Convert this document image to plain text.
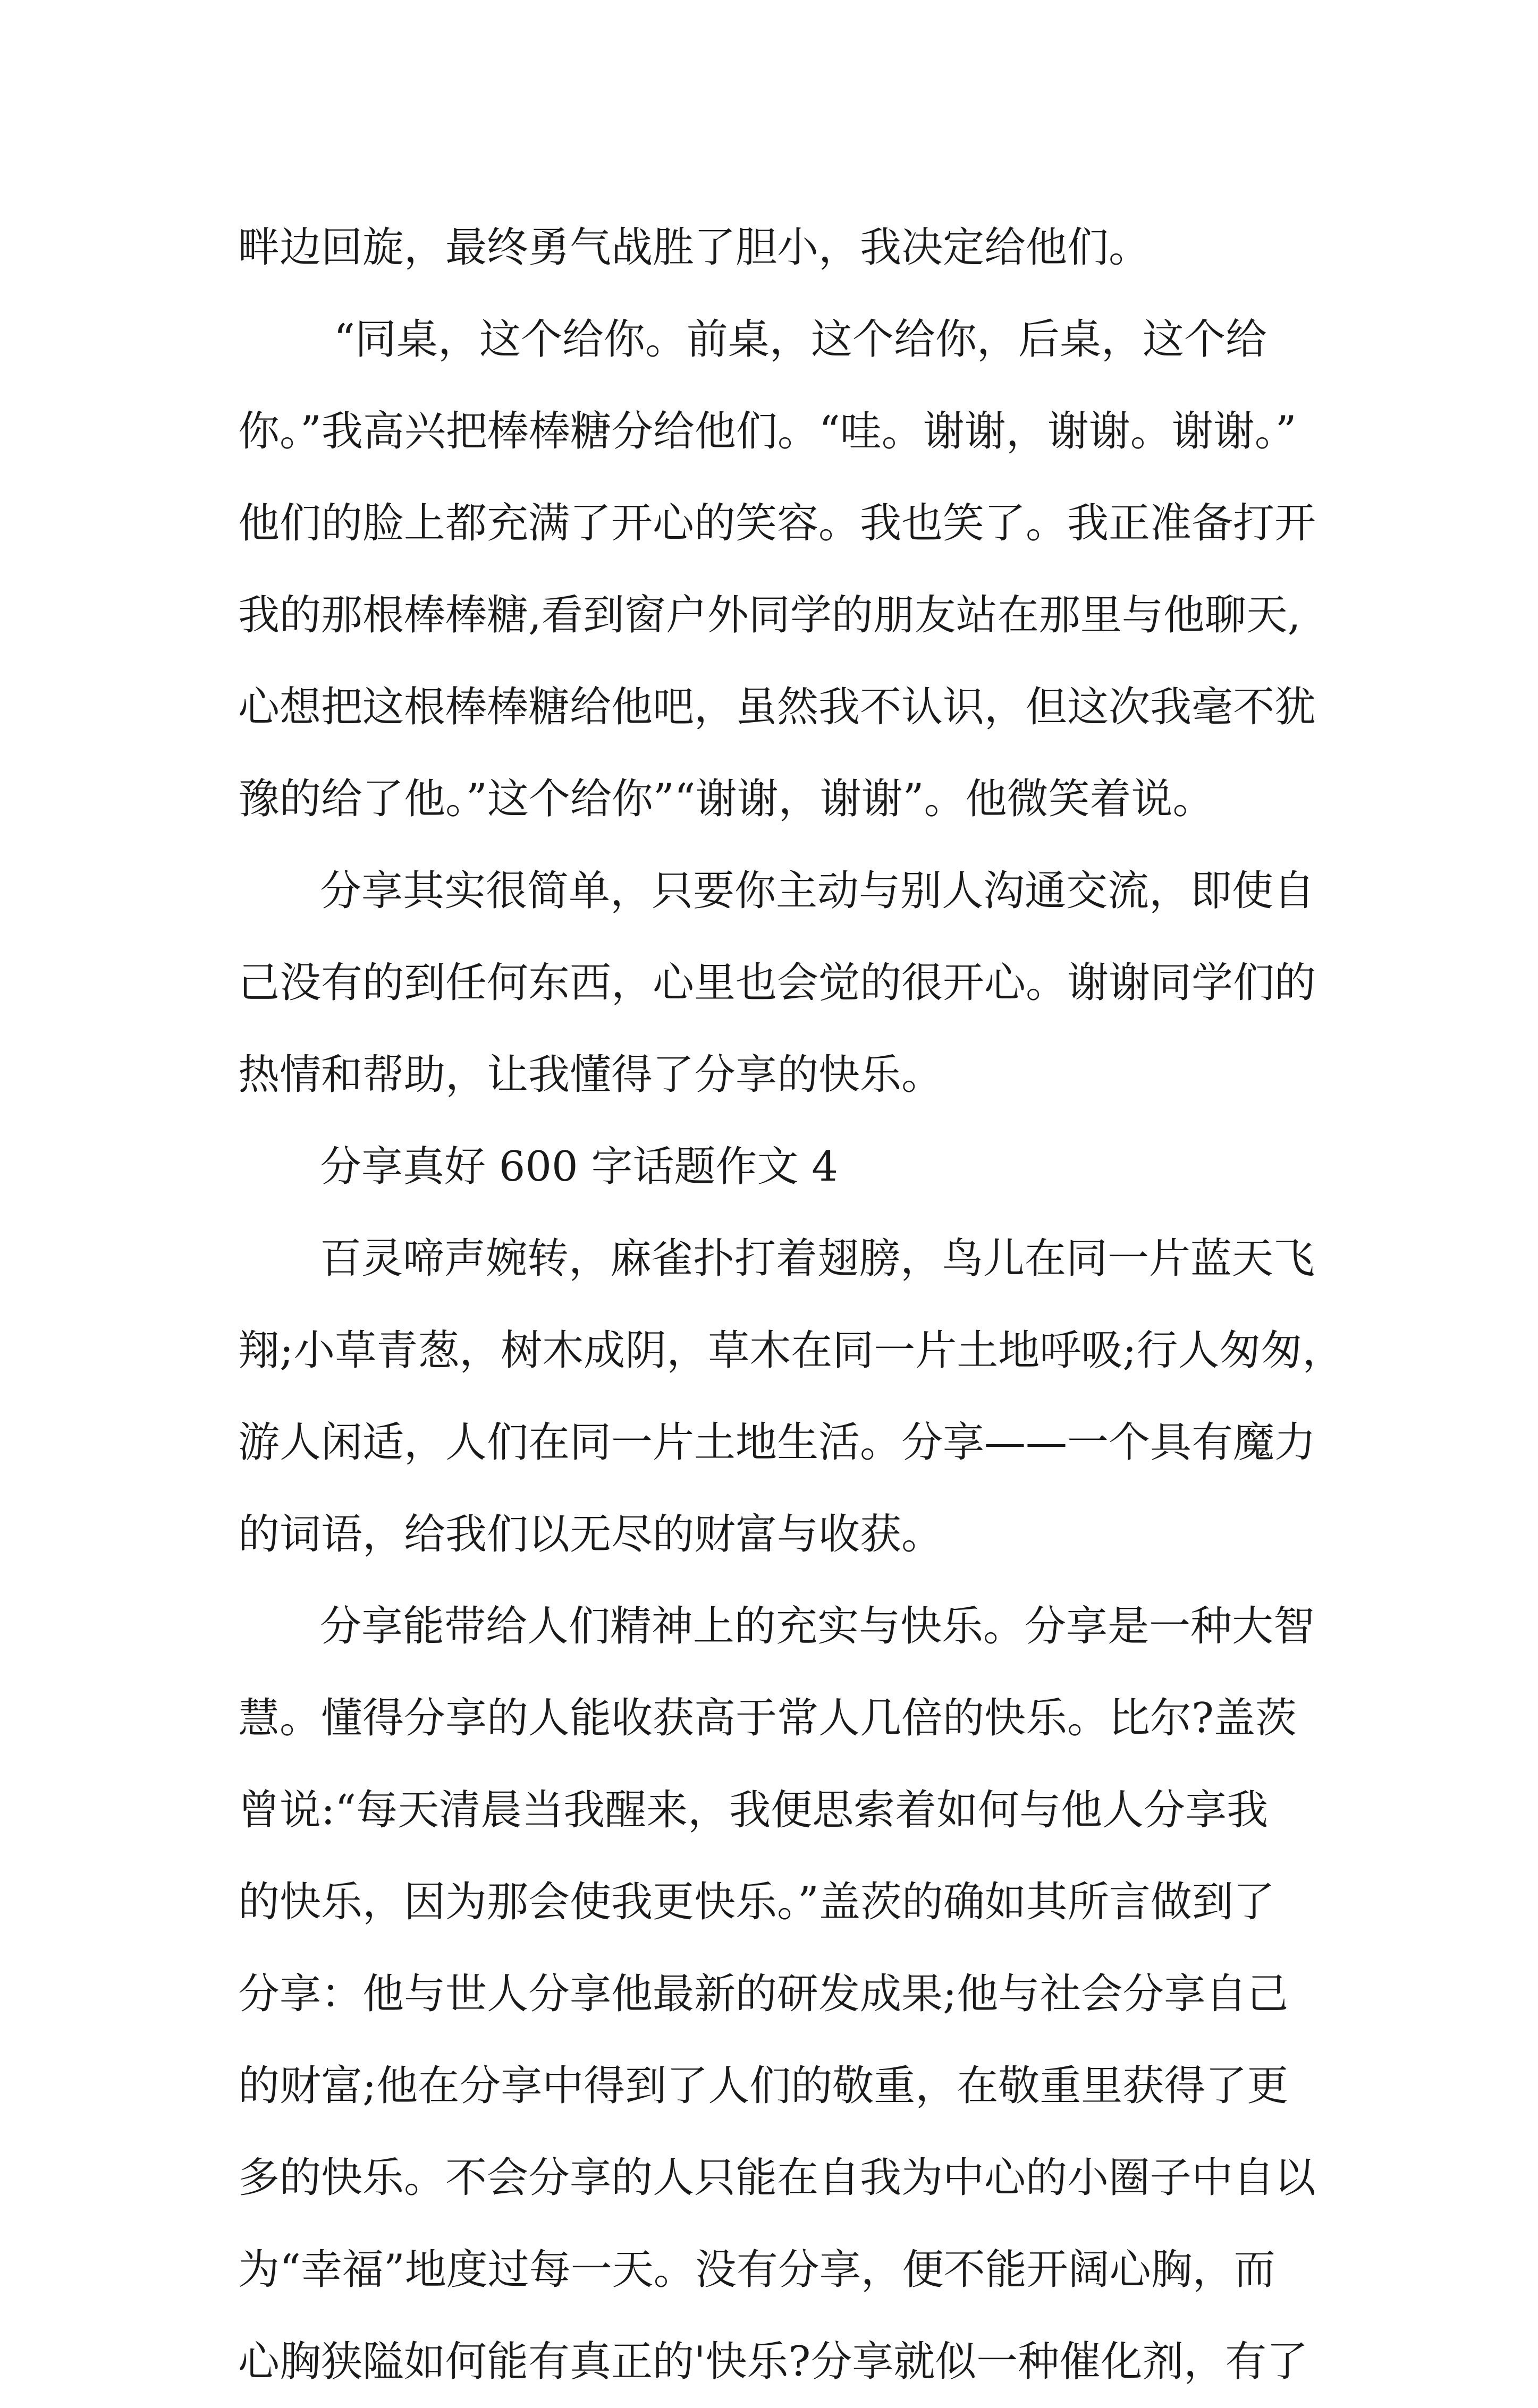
畔边回旋，最终勇气战胜了胆小，我决定给他们。
“同桌，这个给你。前桌，这个给你，后桌，这个给
你。”我高兴把棒棒糖分给他们。“哇。谢谢，谢谢。谢谢。”
他们的脸上都充满了开心的笑容。我也笑了。我正准备打开
我的那根棒棒糖,看到窗户外同学的朋友站在那里与他聊天,
心想把这根棒棒糖给他吧，虽然我不认识，但这次我毫不犹
豫的给了他。”这个给你”“谢谢，谢谢”。他微笑着说。
分享其实很简单，只要你主动与别人沟通交流，即使自
己没有的到任何东西，心里也会觉的很开心。谢谢同学们的
热情和帮助，让我懂得了分享的快乐。
分享真好 600 字话题作文 4
百灵啼声婉转，麻雀扑打着翅膀，鸟儿在同一片蓝天飞
翔;小草青葱，树木成阴，草木在同一片土地呼吸;行人匆匆，
游人闲适，人们在同一片土地生活。分享——一个具有魔力
的词语，给我们以无尽的财富与收获。
分享能带给人们精神上的充实与快乐。分享是一种大智
慧。懂得分享的人能收获高于常人几倍的快乐。比尔?盖茨
曾说:“每天清晨当我醒来，我便思索着如何与他人分享我
的快乐，因为那会使我更快乐。”盖茨的确如其所言做到了
分享：他与世人分享他最新的研发成果;他与社会分享自己
的财富;他在分享中得到了人们的敬重，在敬重里获得了更
多的快乐。不会分享的人只能在自我为中心的小圈子中自以
为“幸福”地度过每一天。没有分享，便不能开阔心胸，而
心胸狭隘如何能有真正的'快乐?分享就似一种催化剂，有了
